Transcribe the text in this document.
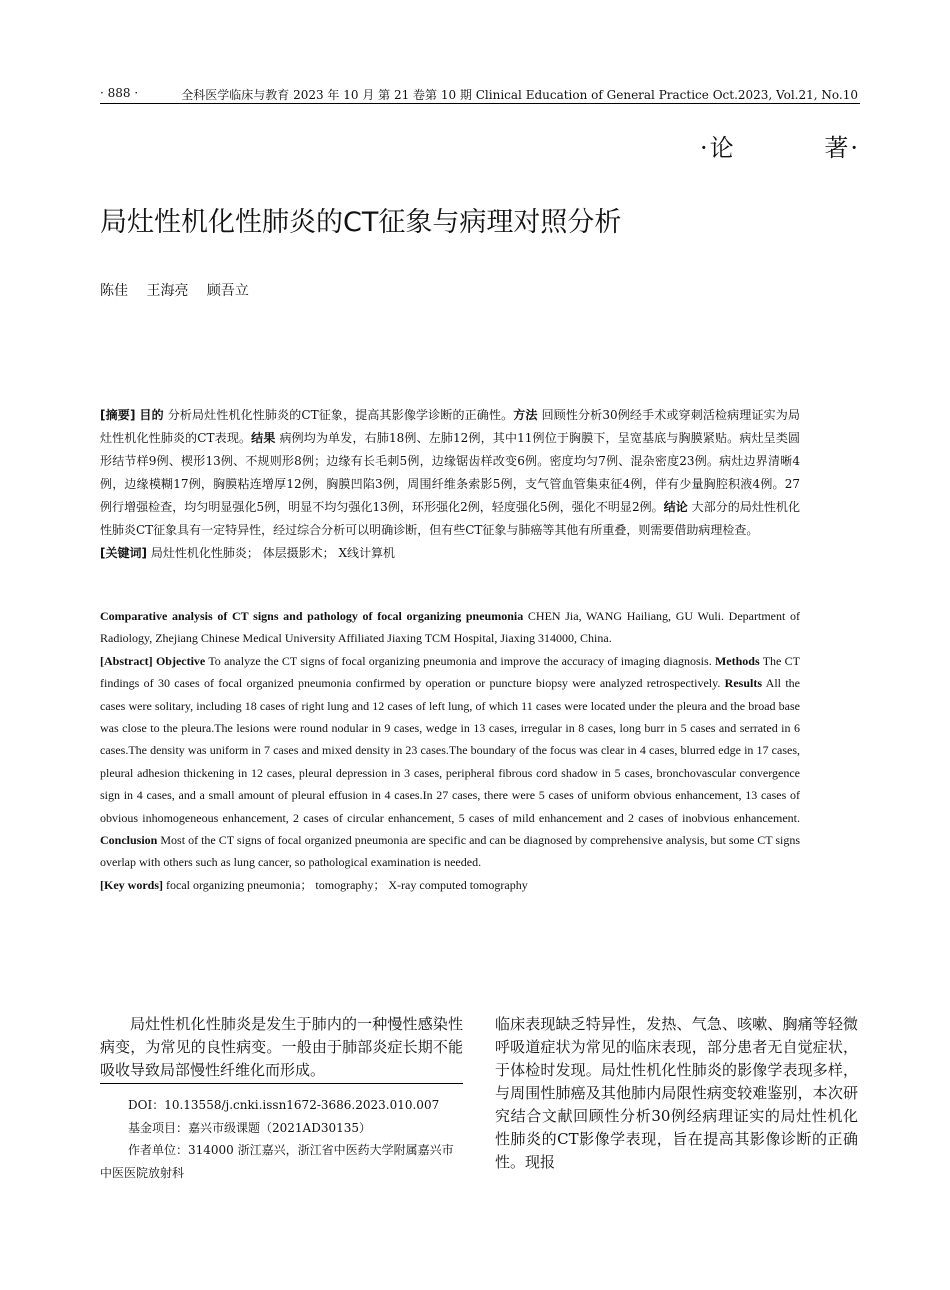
· 888 ·	全科医学临床与教育 2023 年 10 月 第 21 卷第 10 期 Clinical Education of General Practice Oct.2023, Vol.21, No.10
·论	著·
局灶性机化性肺炎的CT征象与病理对照分析
陈佳 王海亮 顾吾立
[摘要] 目的 分析局灶性机化性肺炎的CT征象，提高其影像学诊断的正确性。方法 回顾性分析30例经手术或穿刺活检病理证实为局灶性机化性肺炎的CT表现。结果 病例均为单发，右肺18例、左肺12例，其中11例位于胸膜下，呈宽基底与胸膜紧贴。病灶呈类圆形结节样9例、楔形13例、不规则形8例；边缘有长毛刺5例，边缘锯齿样改变6例。密度均匀7例、混杂密度23例。病灶边界清晰4例，边缘模糊17例，胸膜粘连增厚12例，胸膜凹陷3例，周围纤维条索影5例，支气管血管集束征4例，伴有少量胸腔积液4例。27例行增强检查，均匀明显强化5例，明显不均匀强化13例，环形强化2例，轻度强化5例，强化不明显2例。结论 大部分的局灶性机化性肺炎CT征象具有一定特异性，经过综合分析可以明确诊断，但有些CT征象与肺癌等其他有所重叠，则需要借助病理检查。
[关键词] 局灶性机化性肺炎； 体层摄影术； X线计算机
Comparative analysis of CT signs and pathology of focal organizing pneumonia CHEN Jia, WANG Hailiang, GU Wuli. Department of Radiology, Zhejiang Chinese Medical University Affiliated Jiaxing TCM Hospital, Jiaxing 314000, China.
[Abstract] Objective To analyze the CT signs of focal organizing pneumonia and improve the accuracy of imaging diagnosis. Methods The CT findings of 30 cases of focal organized pneumonia confirmed by operation or puncture biopsy were analyzed retrospectively. Results All the cases were solitary, including 18 cases of right lung and 12 cases of left lung, of which 11 cases were located under the pleura and the broad base was close to the pleura.The lesions were round nodular in 9 cases, wedge in 13 cases, irregular in 8 cases, long burr in 5 cases and serrated in 6 cases.The density was uniform in 7 cases and mixed density in 23 cases.The boundary of the focus was clear in 4 cases, blurred edge in 17 cases, pleural adhesion thickening in 12 cases, pleural depression in 3 cases, peripheral fibrous cord shadow in 5 cases, bronchovascular convergence sign in 4 cases, and a small amount of pleural effusion in 4 cases.In 27 cases, there were 5 cases of uniform obvious enhancement, 13 cases of obvious inhomogeneous enhancement, 2 cases of circular enhancement, 5 cases of mild enhancement and 2 cases of inobvious enhancement. Conclusion Most of the CT signs of focal organized pneumonia are specific and can be diagnosed by comprehensive analysis, but some CT signs overlap with others such as lung cancer, so pathological examination is needed.
[Key words] focal organizing pneumonia； tomography； X-ray computed tomography
局灶性机化性肺炎是发生于肺内的一种慢性感染性病变，为常见的良性病变。一般由于肺部炎症长期不能吸收导致局部慢性纤维化而形成。

DOI：10.13558/j.cnki.issn1672-3686.2023.010.007

基金项目：嘉兴市级课题（2021AD30135）

作者单位：314000 浙江嘉兴，浙江省中医药大学附属嘉兴市中医医院放射科

临床表现缺乏特异性，发热、气急、咳嗽、胸痛等轻微呼吸道症状为常见的临床表现，部分患者无自觉症状，于体检时发现。局灶性机化性肺炎的影像学表现多样，与周围性肺癌及其他肺内局限性病变较难鉴别，本次研究结合文献回顾性分析30例经病理证实的局灶性机化性肺炎的CT影像学表现，旨在提高其影像诊断的正确性。现报
